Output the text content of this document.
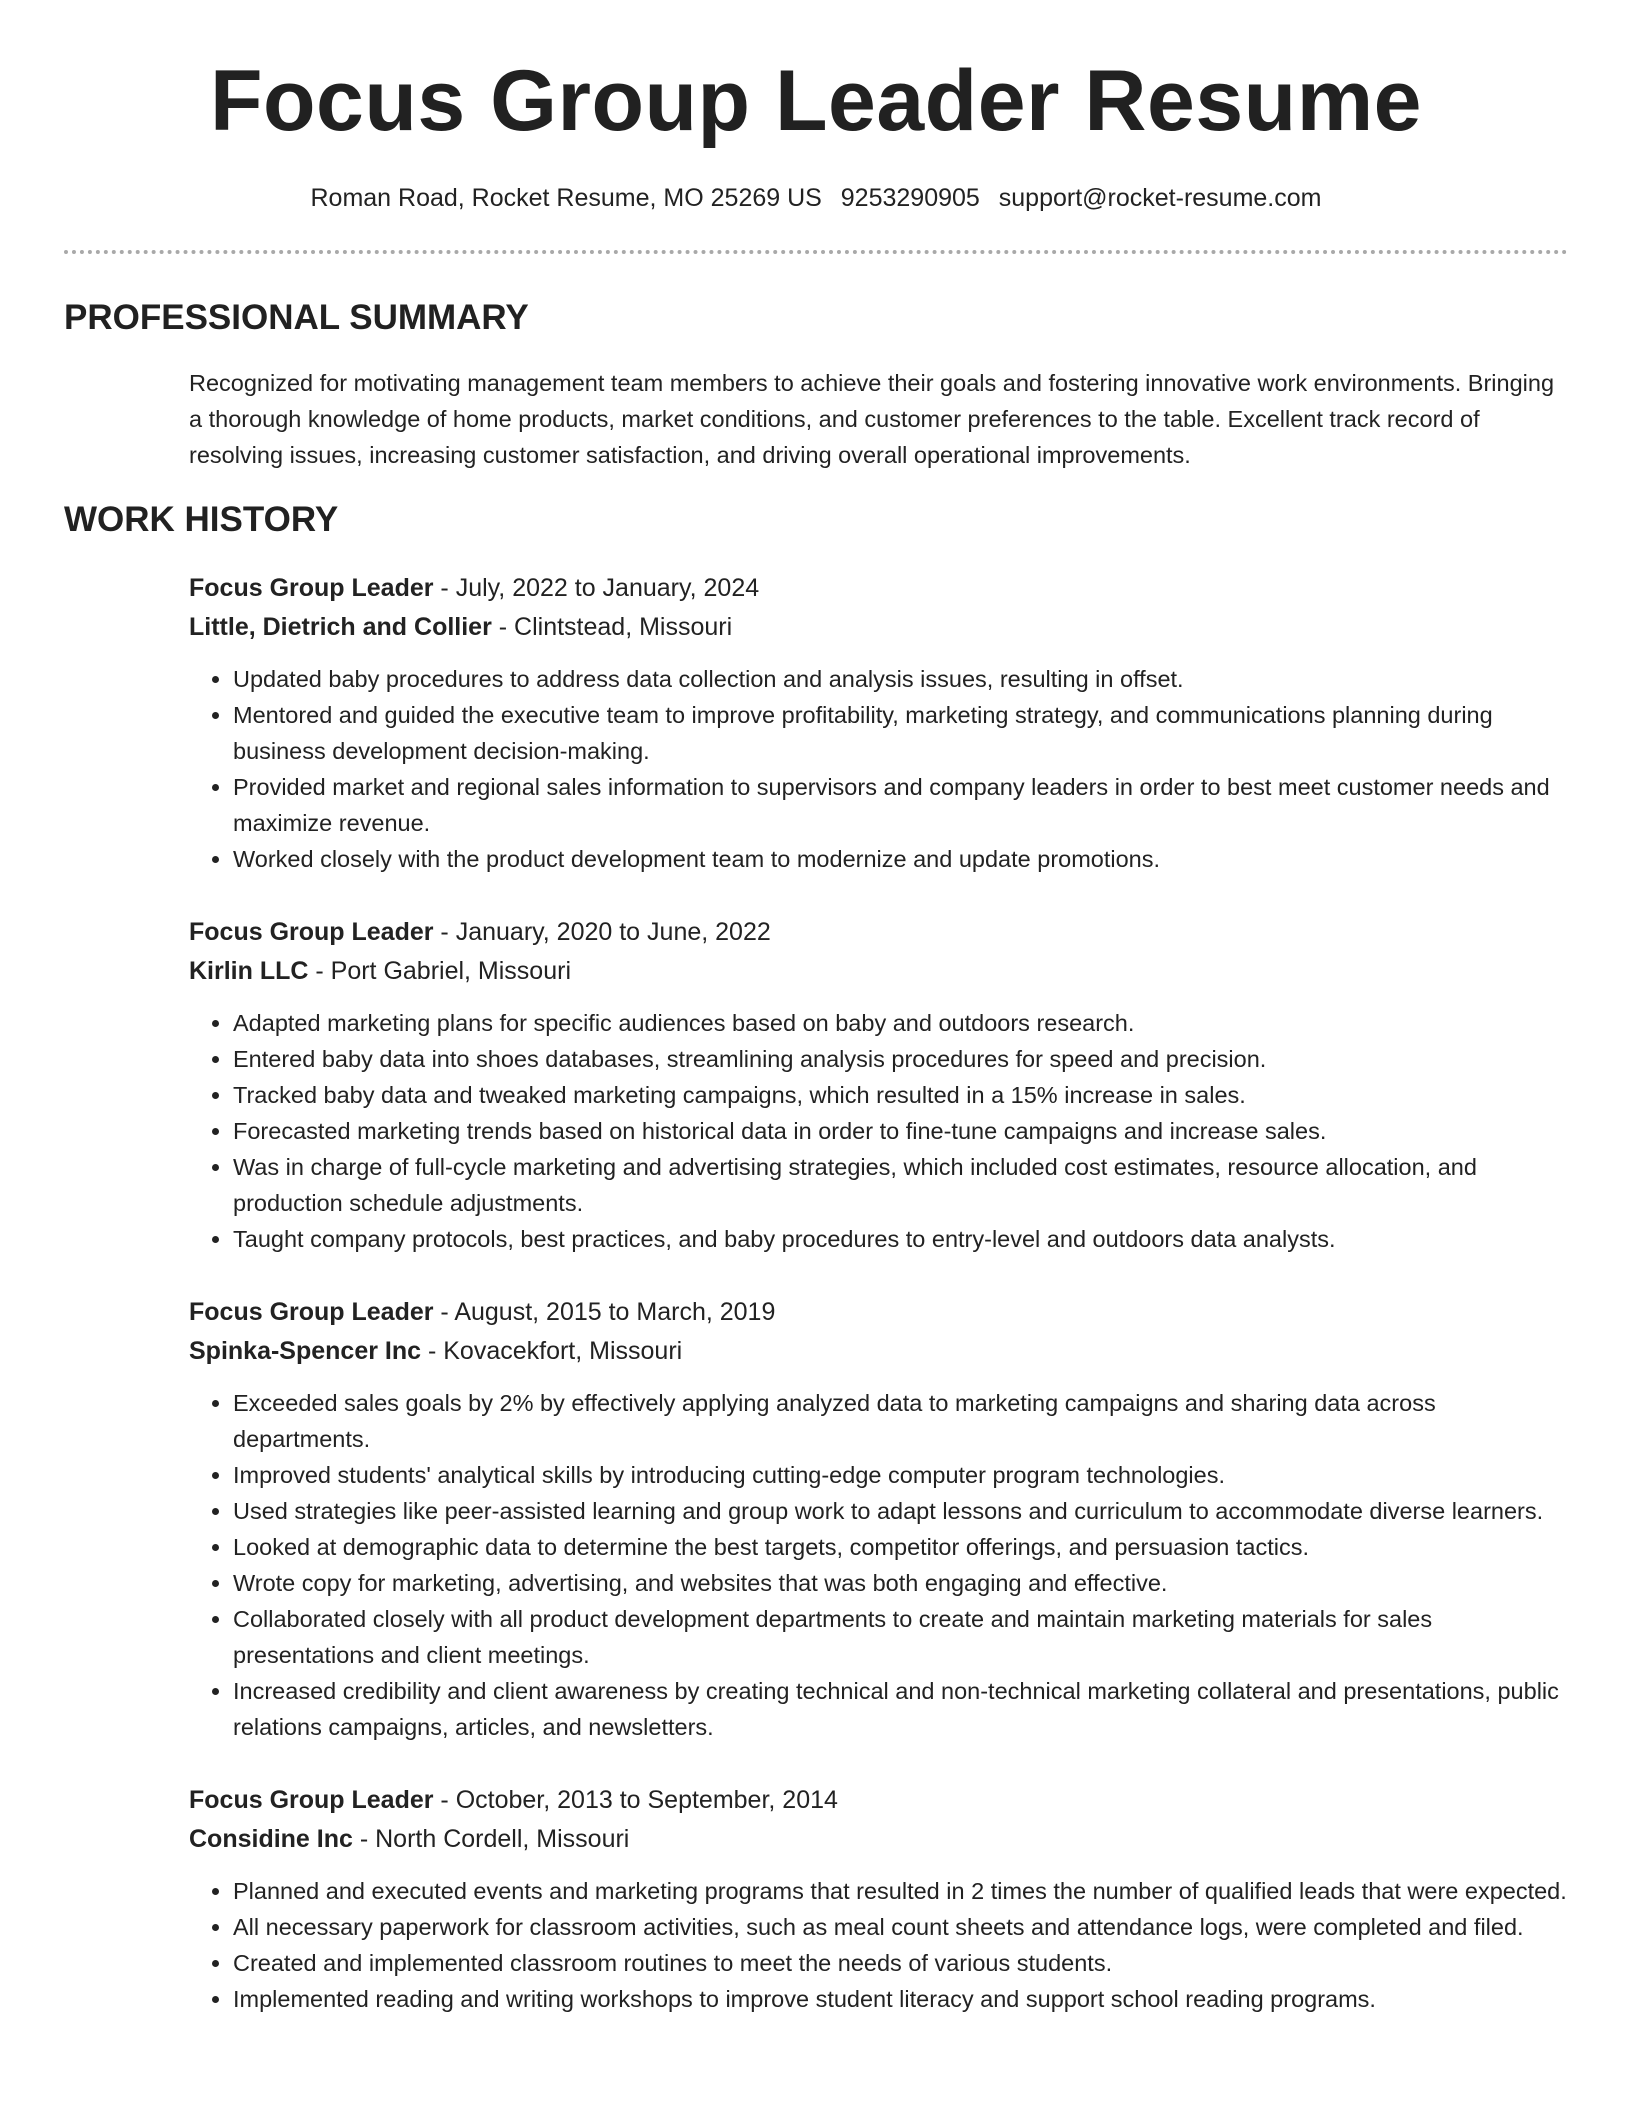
Focus Group Leader Resume
Roman Road, Rocket Resume, MO 25269 US 9253290905 support@rocket-resume.com
PROFESSIONAL SUMMARY

Recognized for motivating management team members to achieve their goals and fostering innovative work environments. Bringing a thorough knowledge of home products, market conditions, and customer preferences to the table. Excellent track record of resolving issues, increasing customer satisfaction, and driving overall operational improvements.

WORK HISTORY
Focus Group Leader - July, 2022 to January, 2024
Little, Dietrich and Collier - Clintstead, Missouri
• Updated baby procedures to address data collection and analysis issues, resulting in offset.
• Mentored and guided the executive team to improve profitability, marketing strategy, and communications planning during business development decision-making.
• Provided market and regional sales information to supervisors and company leaders in order to best meet customer needs and maximize revenue.
• Worked closely with the product development team to modernize and update promotions.
Focus Group Leader - January, 2020 to June, 2022
Kirlin LLC - Port Gabriel, Missouri
• Adapted marketing plans for specific audiences based on baby and outdoors research.
• Entered baby data into shoes databases, streamlining analysis procedures for speed and precision.
• Tracked baby data and tweaked marketing campaigns, which resulted in a 15% increase in sales.
• Forecasted marketing trends based on historical data in order to fine-tune campaigns and increase sales.
• Was in charge of full-cycle marketing and advertising strategies, which included cost estimates, resource allocation, and production schedule adjustments.
• Taught company protocols, best practices, and baby procedures to entry-level and outdoors data analysts.
Focus Group Leader - August, 2015 to March, 2019
Spinka-Spencer Inc - Kovacekfort, Missouri
• Exceeded sales goals by 2% by effectively applying analyzed data to marketing campaigns and sharing data across departments.
• Improved students' analytical skills by introducing cutting-edge computer program technologies.
• Used strategies like peer-assisted learning and group work to adapt lessons and curriculum to accommodate diverse learners.
• Looked at demographic data to determine the best targets, competitor offerings, and persuasion tactics.
• Wrote copy for marketing, advertising, and websites that was both engaging and effective.
• Collaborated closely with all product development departments to create and maintain marketing materials for sales presentations and client meetings.
• Increased credibility and client awareness by creating technical and non-technical marketing collateral and presentations, public relations campaigns, articles, and newsletters.
Focus Group Leader - October, 2013 to September, 2014
Considine Inc - North Cordell, Missouri
• Planned and executed events and marketing programs that resulted in 2 times the number of qualified leads that were expected.
• All necessary paperwork for classroom activities, such as meal count sheets and attendance logs, were completed and filed.
• Created and implemented classroom routines to meet the needs of various students.
• Implemented reading and writing workshops to improve student literacy and support school reading programs.
